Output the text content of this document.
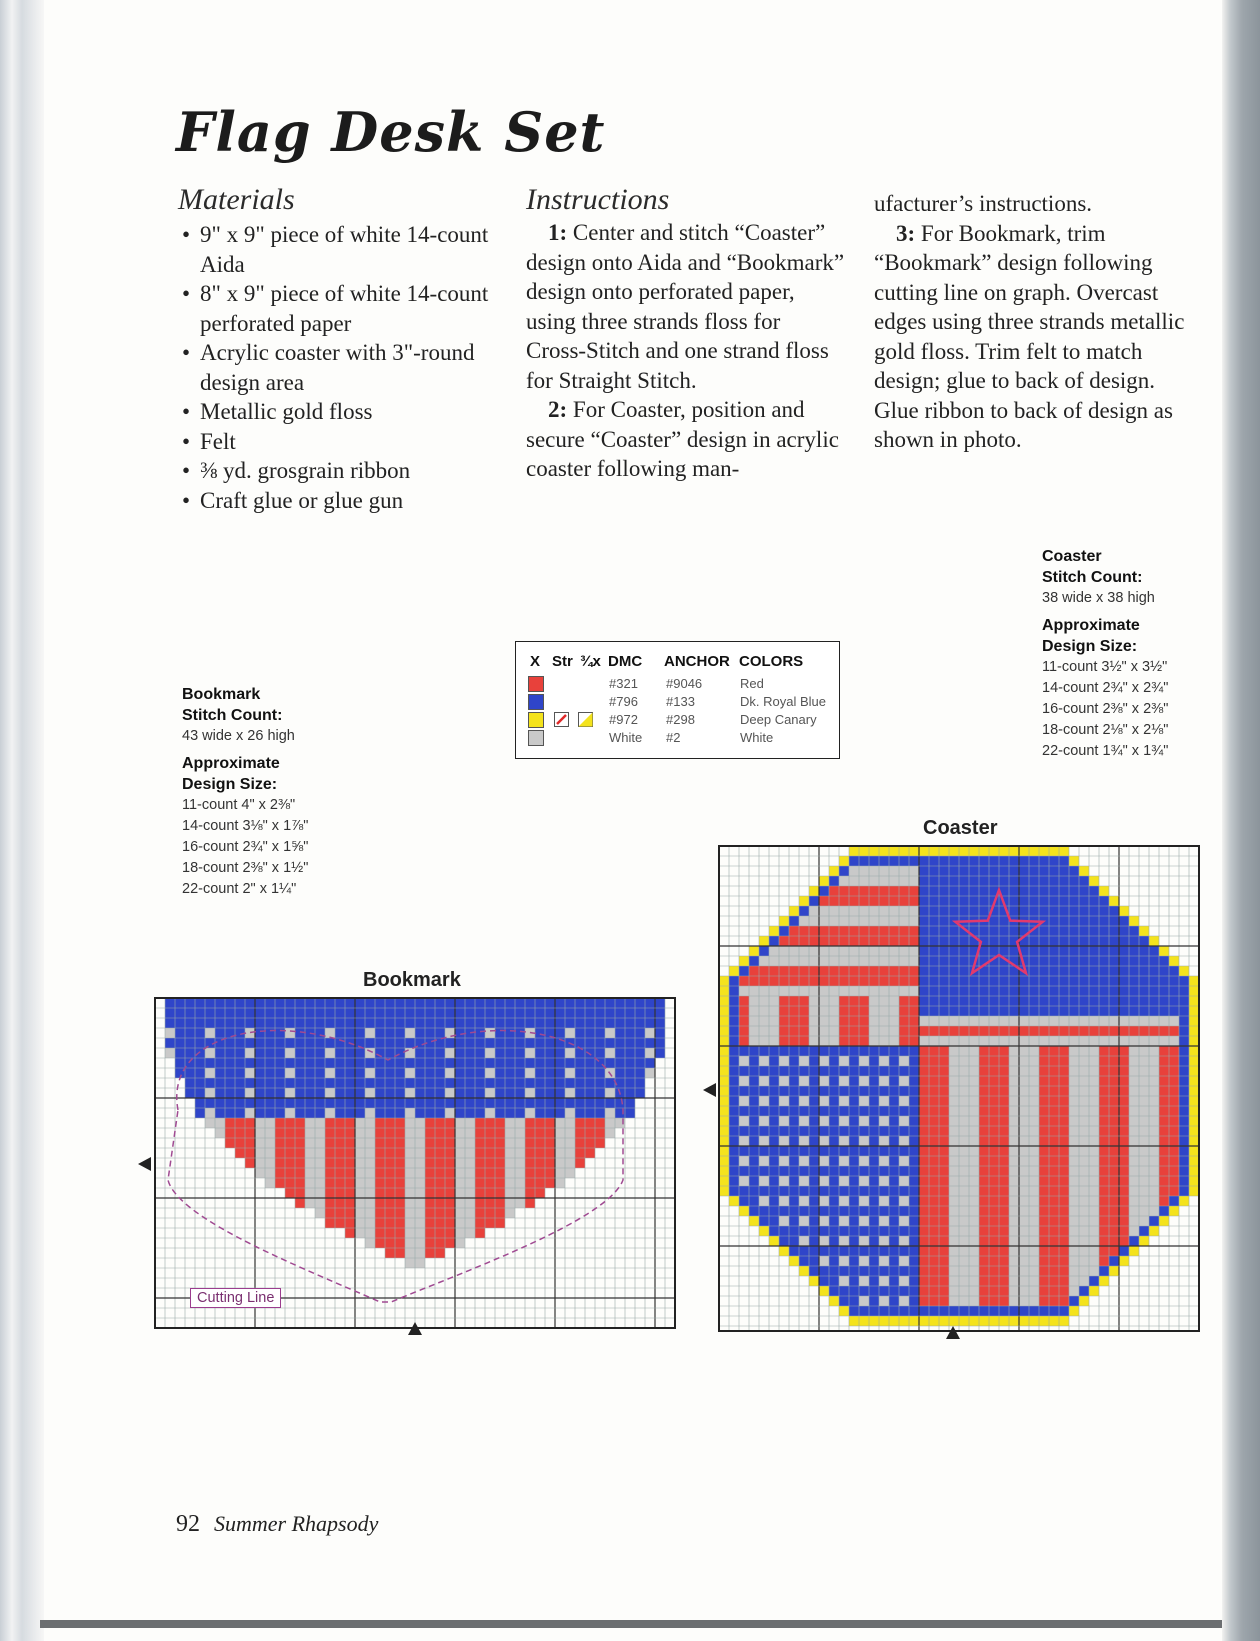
Flag Desk Set
Materials
• 9" x 9" piece of white 14-count Aida
• 8" x 9" piece of white 14-count perforated paper
• Acrylic coaster with 3"-round design area
• Metallic gold floss
• Felt
• ⅜ yd. grosgrain ribbon
• Craft glue or glue gun
Instructions

1: Center and stitch “Coaster” design onto Aida and “Bookmark” design onto perforated paper, using three strands floss for Cross-Stitch and one strand floss for Straight Stitch.

2: For Coaster, position and secure “Coaster” design in acrylic coaster following man-

ufacturer’s instructions.

3: For Bookmark, trim “Bookmark” design following cutting line on graph. Overcast edges using three strands metallic gold floss. Trim felt to match design; glue to back of design. Glue ribbon to back of design as shown in photo.

Bookmark
Stitch Count:
43 wide x 26 high
Approximate
Design Size:
11-count 4" x 2⅜"
14-count 3⅛" x 1⅞"
16-count 2¾" x 1⅝"
18-count 2⅜" x 1½"
22-count 2" x 1¼"
Coaster
Stitch Count:
38 wide x 38 high
Approximate
Design Size:
11-count 3½" x 3½"
14-count 2¾" x 2¾"
16-count 2⅜" x 2⅜"
18-count 2⅛" x 2⅛"
22-count 1¾" x 1¾"
X Str ¾x DMC ANCHOR COLORS
#321 #9046	Red
#796 #133	Dk. Royal Blue
#972 #298	Deep Canary
White #2	White
Bookmark
Coaster
Cutting Line
92 Summer Rhapsody
